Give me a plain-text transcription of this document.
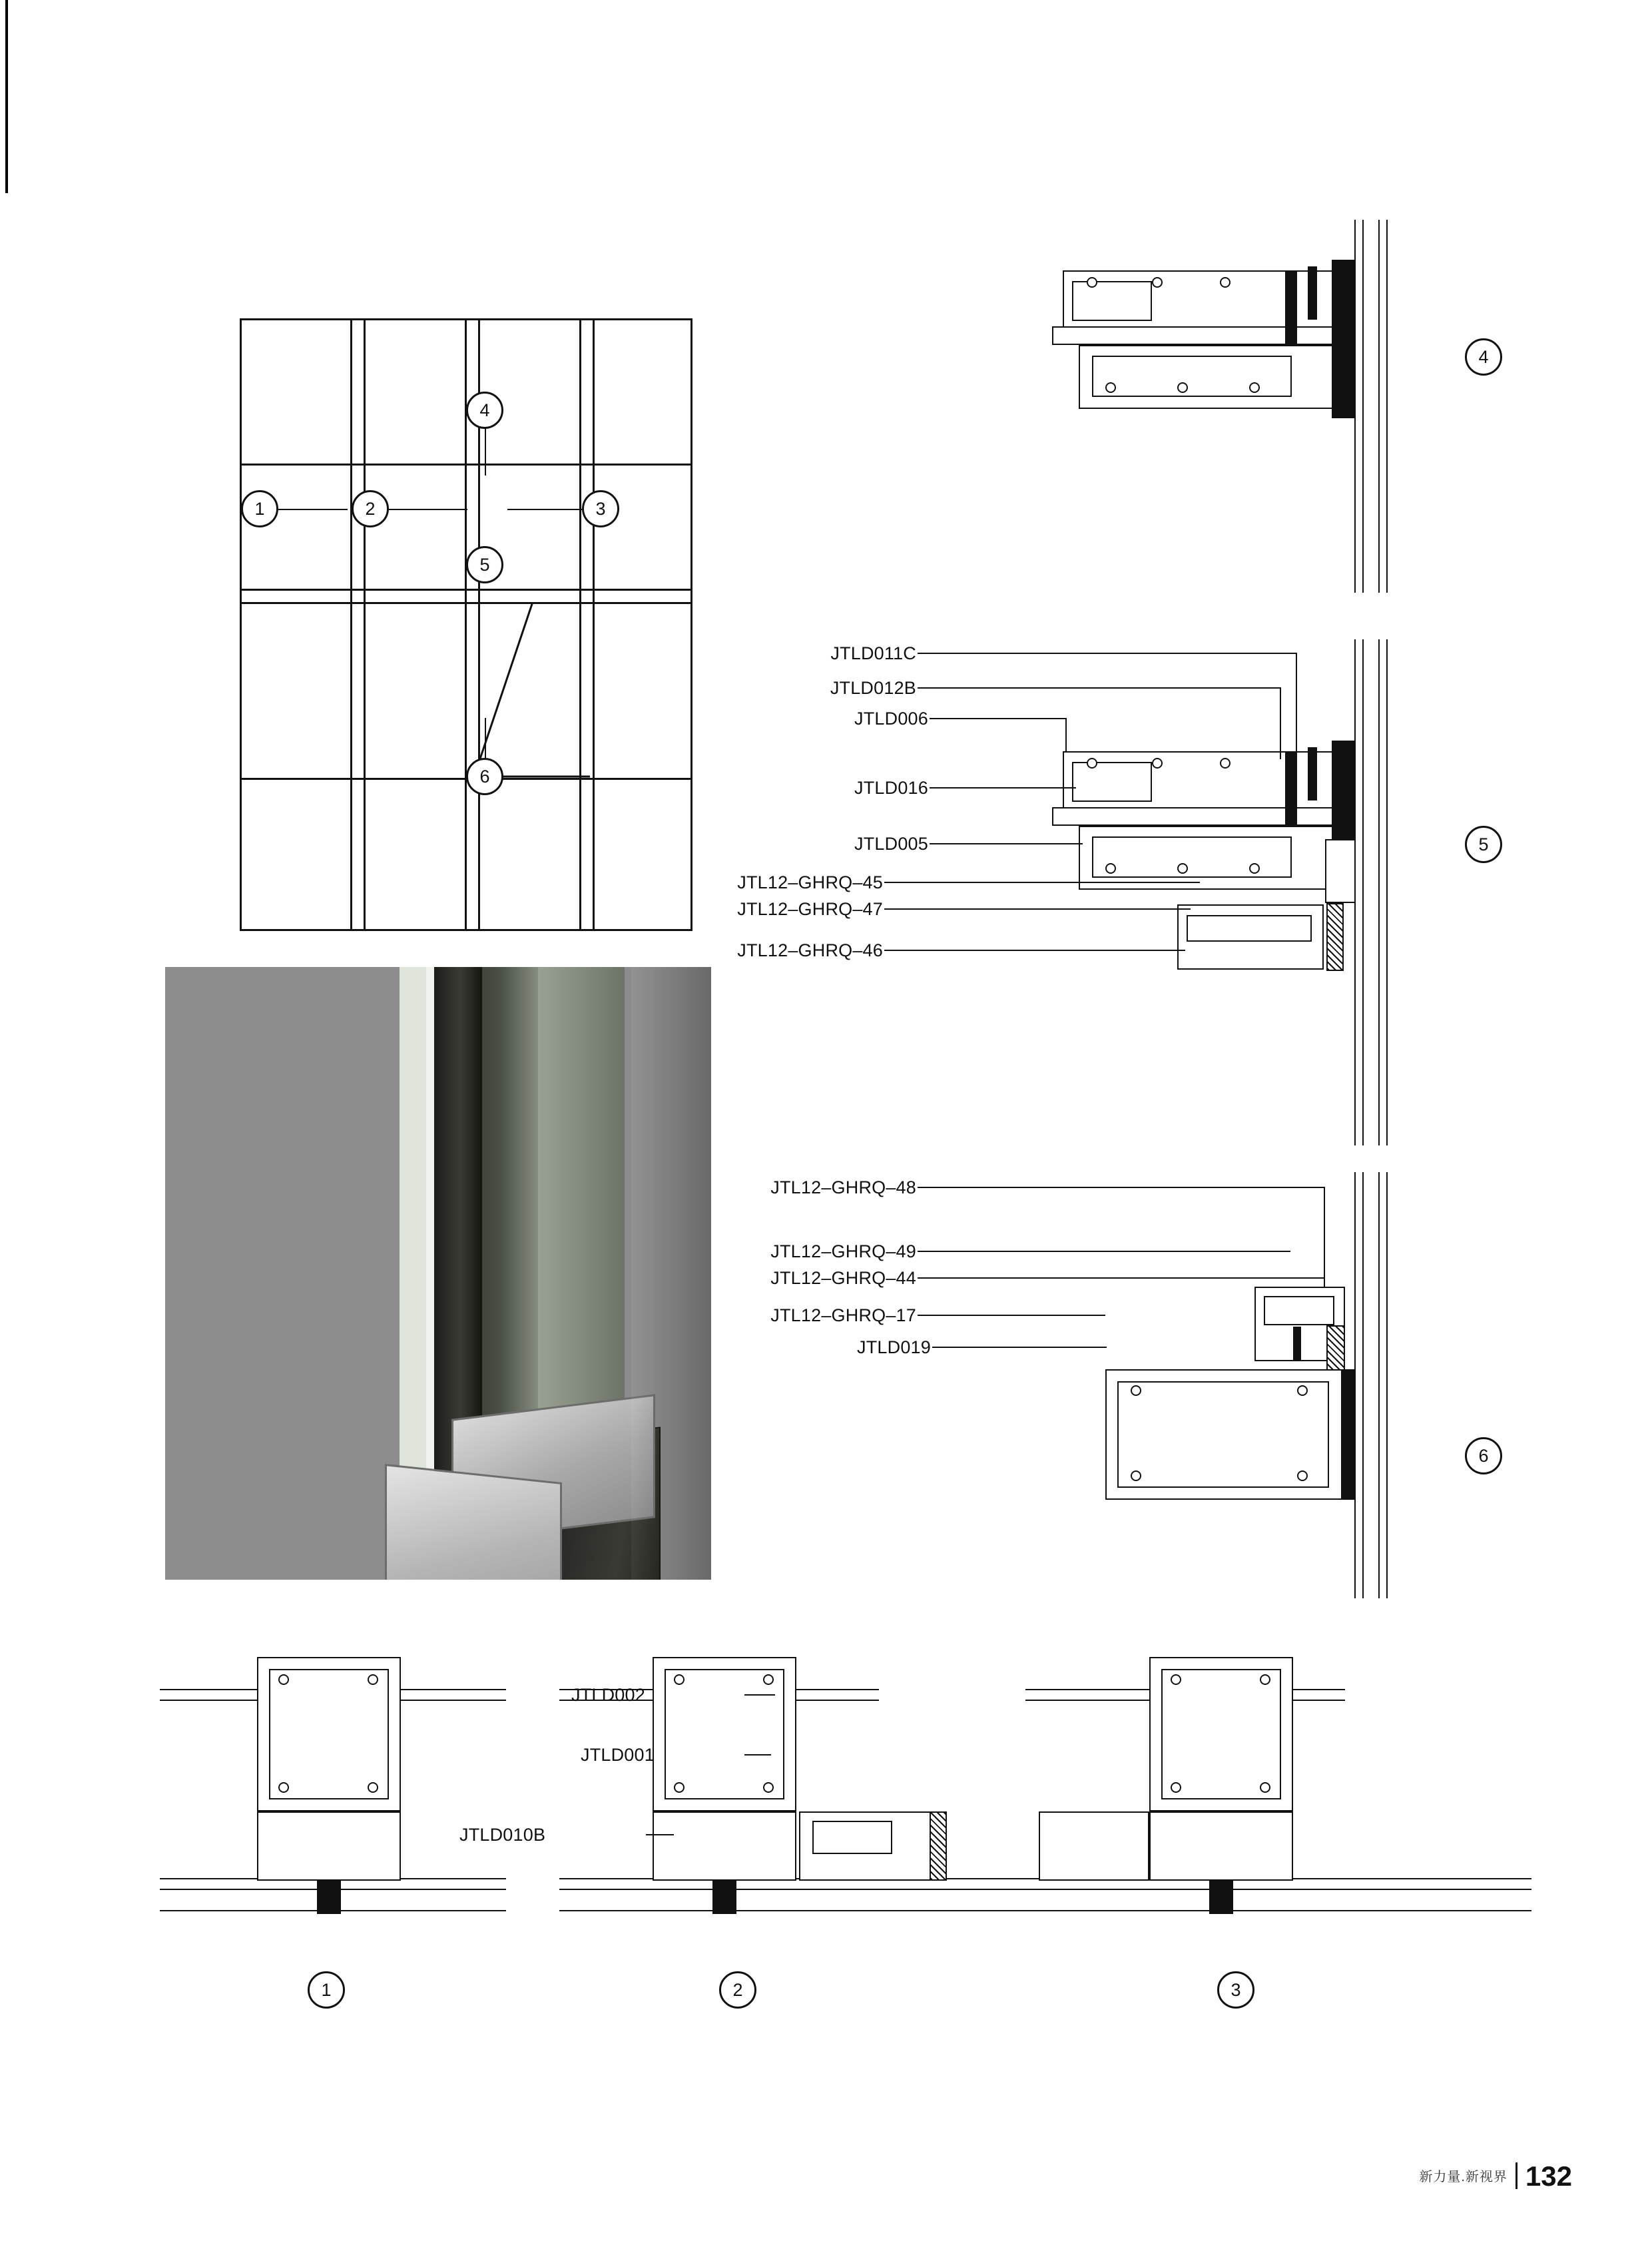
1	2	3
4
5
6
4
JTLD011C
JTLD012B
JTLD006
JTLD016
JTLD005
JTL12–GHRQ–45
JTL12–GHRQ–47
JTL12–GHRQ–46
5
JTL12–GHRQ–48
JTL12–GHRQ–49
JTL12–GHRQ–44
JTL12–GHRQ–17
JTLD019
6
1
JTLD002
JTLD001
JTLD010B
2	3
新力量.新视界 132
